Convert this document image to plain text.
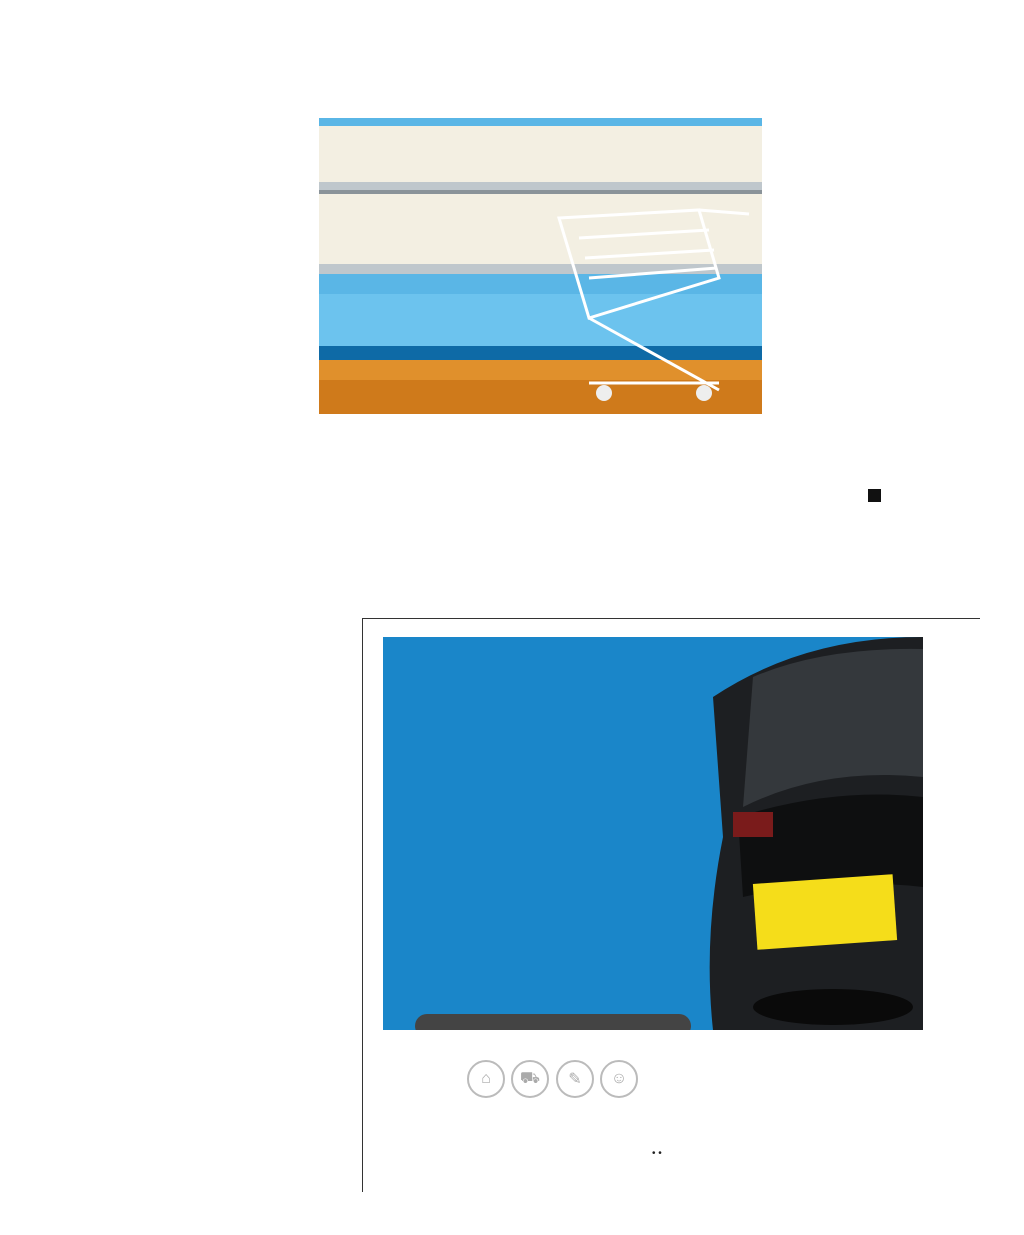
⌂	⛟	✎	☺
• •
